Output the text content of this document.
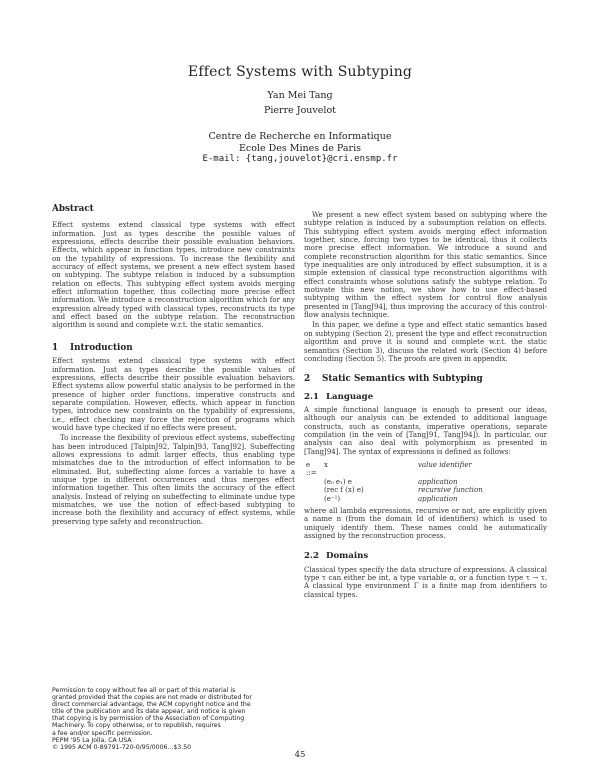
Effect Systems with Subtyping
Yan Mei Tang
Pierre Jouvelot
Centre de Recherche en Informatique
Ecole Des Mines de Paris
E-mail: {tang,jouvelot}@cri.ensmp.fr
Abstract

Effect systems extend classical type systems with effect information. Just as types describe the possible values of expressions, effects describe their possible evaluation behaviors. Effects, which appear in function types, introduce new constraints on the typability of expressions. To increase the flexibility and accuracy of effect systems, we present a new effect system based on subtyping. The subtype relation is induced by a subsumption relation on effects. This subtyping effect system avoids merging effect information together, thus collecting more precise effect information. We introduce a reconstruction algorithm which for any expression already typed with classical types, reconstructs its type and effect based on the subtype relation. The reconstruction algorithm is sound and complete w.r.t. the static semantics.

1 Introduction

Effect systems extend classical type systems with effect information. Just as types describe the possible values of expressions, effects describe their possible evaluation behaviors. Effect systems allow powerful static analysis to be performed in the presence of higher order functions, imperative constructs and separate compilation. However, effects, which appear in function types, introduce new constraints on the typability of expressions, i.e., effect checking may force the rejection of programs which would have type checked if no effects were present.

To increase the flexibility of previous effect systems, subeffecting has been introduced [TalpinJ92, TalpinJ93, TangJ92]. Subeffecting allows expressions to admit larger effects, thus enabling type mismatches due to the introduction of effect information to be eliminated. But, subeffecting alone forces a variable to have a unique type in different occurrences and thus merges effect information together. This often limits the accuracy of the effect analysis. Instead of relying on subeffecting to eliminate undue type mismatches, we use the notion of effect-based subtyping to increase both the flexibility and accuracy of effect systems, while preserving type safety and reconstruction.

We present a new effect system based on subtyping where the subtype relation is induced by a subsumption relation on effects. This subtyping effect system avoids merging effect information together, since, forcing two types to be identical, thus it collects more precise effect information. We introduce a sound and complete reconstruction algorithm for this static semantics. Since type inequalities are only introduced by effect subsumption, it is a simple extension of classical type reconstruction algorithms with effect constraints whose solutions satisfy the subtype relation. To motivate this new notion, we show how to use effect-based subtyping within the effect system for control flow analysis presented in [TangJ94], thus improving the accuracy of this control-flow analysis technique.

In this paper, we define a type and effect static semantics based on subtyping (Section 2), present the type and effect reconstruction algorithm and prove it is sound and complete w.r.t. the static semantics (Section 3), discuss the related work (Section 4) before concluding (Section 5). The proofs are given in appendix.

2 Static Semantics with Subtyping
2.1 Language

A simple functional language is enough to present our ideas, although our analysis can be extended to additional language constructs, such as constants, imperative operations, separate compilation (in the vein of [TangJ91, TangJ94]). In particular, our analysis can also deal with polymorphism as presented in [TangJ94]. The syntax of expressions is defined as follows:

e ::=	x	value identifier
	(e₀ e₁) e	application
	(rec f (x) e)	recursive function
	(e⁻¹)	application

where all lambda expressions, recursive or not, are explicitly given a name n (from the domain Id of identifiers) which is used to uniquely identify them. These names could be automatically assigned by the reconstruction process.

2.2 Domains

Classical types specify the data structure of expressions. A classical type τ can either be int, a type variable α, or a function type τ → τ. A classical type environment Γ is a finite map from identifiers to classical types.

Permission to copy without fee all or part of this material is
granted provided that the copies are not made or distributed for
direct commercial advantage, the ACM copyright notice and the
title of the publication and its date appear, and notice is given
that copying is by permission of the Association of Computing
Machinery. To copy otherwise, or to republish, requires
a fee and/or specific permission.
PEPM '95 La Jolla, CA USA
© 1995 ACM 0-89791-720-0/95/0006...$3.50
45
